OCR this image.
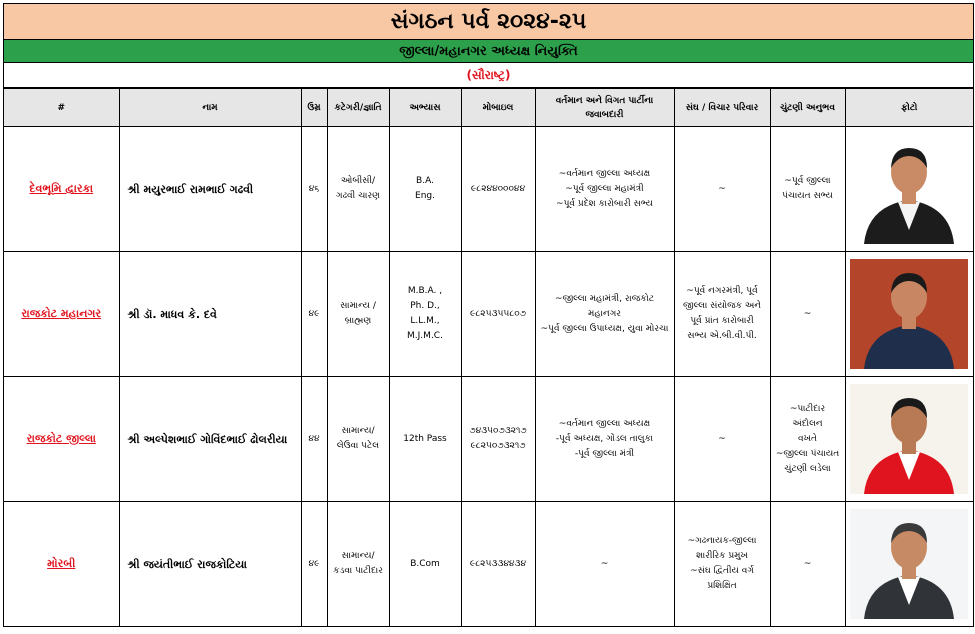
સંગઠન પર્વ ૨૦૨૪-૨૫
જીલ્લા/મહાનગર અધ્યક્ષ નિયુક્તિ
(સૌરાષ્ટ્ર)
#	નામ	ઉમ્ર	કટેગરી/જ્ઞાતિ	અભ્યાસ	મોબાઇલ	વર્તમાન અને વિગત પાર્ટીના જવાબદારી	સંઘ / વિચાર પરિવાર	ચુંટણી અનુભવ	ફોટો
દેવભૂમિ દ્વારકા	શ્રી મયુરભાઈ રામભાઈ ગઢવી	૪૬	ઓબીસી/
ગઢવી ચારણ	B.A.
Eng.	૯૮૨૪૪૦૦૦૪૪	~વર્તમાન જીલ્લા અધ્યક્ષ
~પૂર્વ જીલ્લા મહામંત્રી
~પૂર્વ પ્રદેશ કારોબારી સભ્ય	~	~પૂર્વ જીલ્લા
પંચાયત સભ્ય

રાજકોટ મહાનગર	શ્રી ડૉ. માધવ કે. દવે	૪૯	સામાન્ય /
બ્રાહ્મણ	M.B.A. ,
Ph. D.,
L.L.M.,
M.J.M.C.	૯૮૨૫૩૫૫૮૦૭	~જીલ્લા મહામંત્રી, રાજકોટ મહાનગર
~પૂર્વ જીલ્લા ઉપાધ્યક્ષ, યુવા મોરચા	~પૂર્વ નગરમંત્રી, પૂર્વ
જીલ્લા સંયોજક અને
પૂર્વ પ્રાંત કારોબારી
સભ્ય એ.બી.વી.પી.	~

રાજકોટ જીલ્લા	શ્રી અલ્પેશભાઈ ગોવિંદભાઈ ઢોલરીયા	૪૪	સામાન્ય/
લેઉવા પટેલ	12th Pass	૭૪૩૫૦૭૩૨૧૭
૯૮૨૫૦૭૩૨૧૭	~વર્તમાન જીલ્લા અધ્યક્ષ
-પૂર્વ અધ્યક્ષ, ગોંડલ તાલુકા
-પૂર્વ જીલ્લા મંત્રી	~	~પાટીદાર અંદોલન
વખતે
~જીલ્લા પંચાયત
ચુંટણી લડેલા

મોરબી	શ્રી જયંતીભાઈ રાજકોટિયા	૪૯	સામાન્ય/
કડવા પાટીદાર	B.Com	૯૮૨૫૩૩૪૪૩૪	~	~ગઢનાયક-જીલ્લા
શારીરિક પ્રમુખ
~સંઘ દ્વિતીય વર્ગ
પ્રશિક્ષિત	~
